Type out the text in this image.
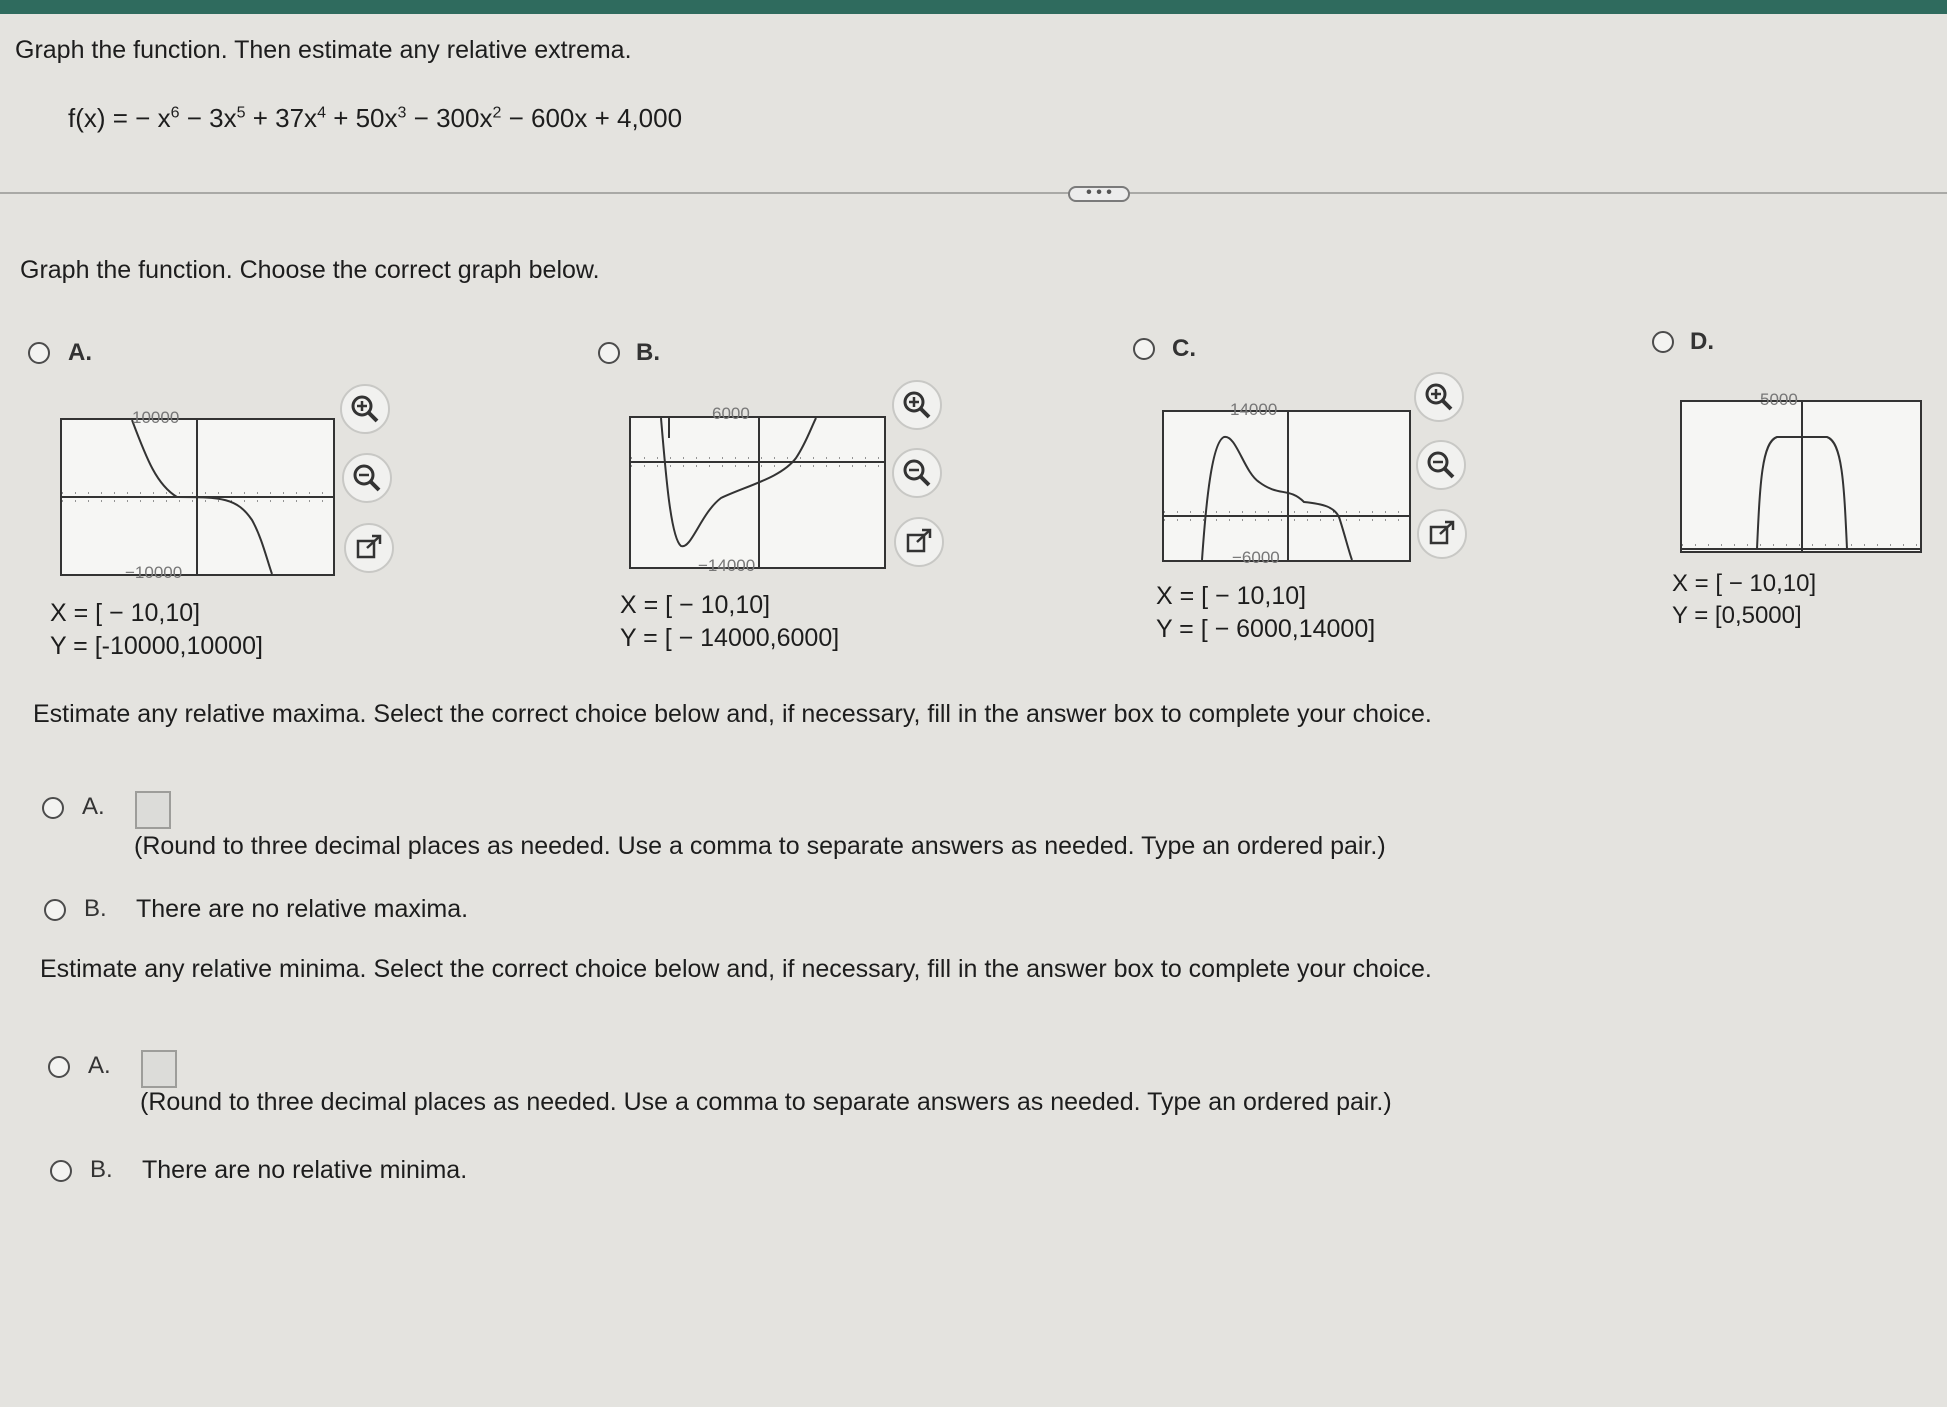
Graph the function. Then estimate any relative extrema.
f(x) = − $x^6 - 3x^5 + 37x^4 + 50x^3 - 300x^2 - 600x + 4,000$
• • •
Graph the function. Choose the correct graph below.
A.
10000
−10000
X = [ − 10,10]
Y = [-10000,10000]
B.
6000
−14000
X = [ − 10,10]
Y = [ − 14000,6000]
C.
14000
−6000
X = [ − 10,10]
Y = [ − 6000,14000]
D.
5000
X = [ − 10,10]
Y = [0,5000]
Estimate any relative maxima. Select the correct choice below and, if necessary, fill in the answer box to complete your choice.
A.
(Round to three decimal places as needed. Use a comma to separate answers as needed. Type an ordered pair.)
B. There are no relative maxima.
Estimate any relative minima. Select the correct choice below and, if necessary, fill in the answer box to complete your choice.
A.
(Round to three decimal places as needed. Use a comma to separate answers as needed. Type an ordered pair.)
B. There are no relative minima.
